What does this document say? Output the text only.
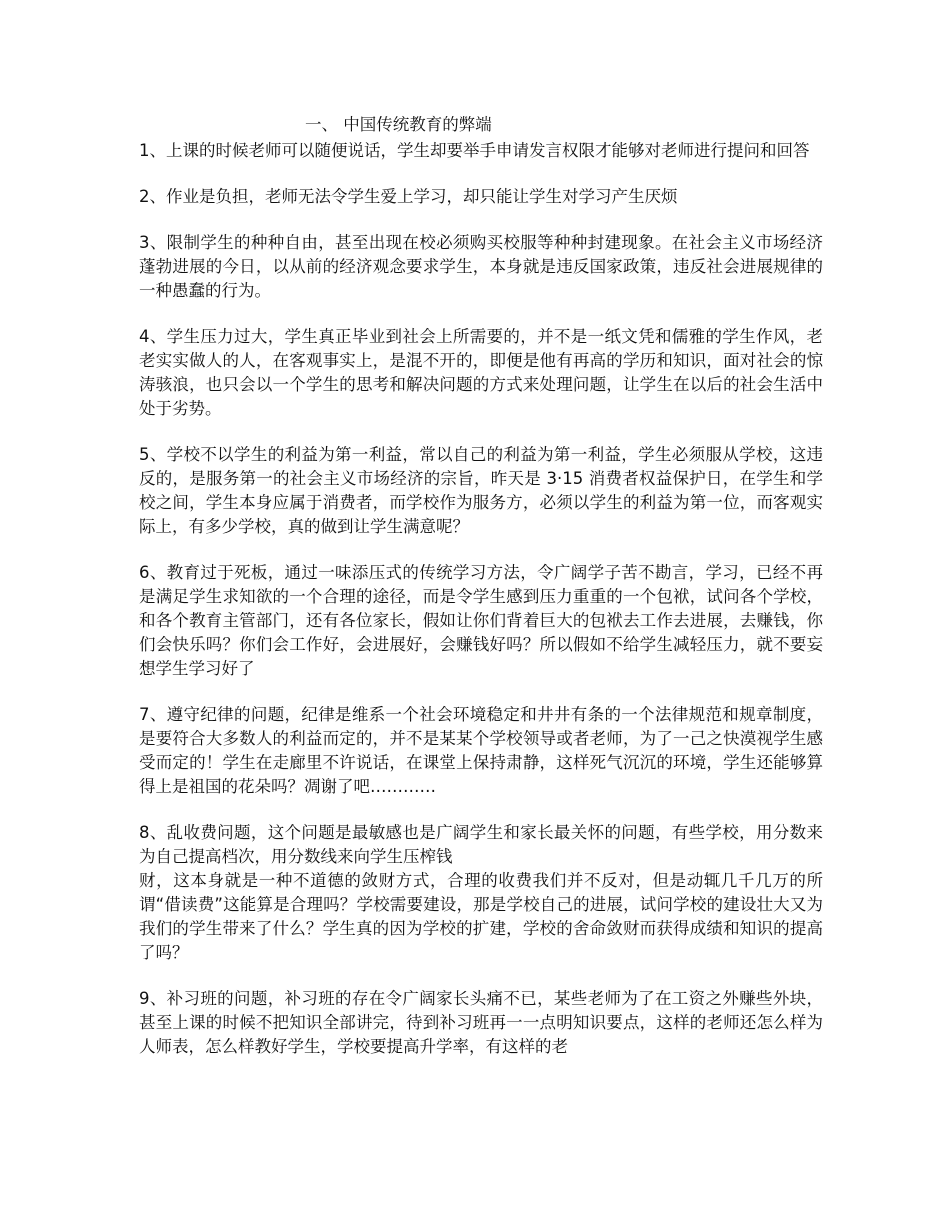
一、 中国传统教育的弊端
1、上课的时候老师可以随便说话，学生却要举手申请发言权限才能够对老师进行提问和回答
2、作业是负担，老师无法令学生爱上学习，却只能让学生对学习产生厌烦
3、限制学生的种种自由，甚至出现在校必须购买校服等种种封建现象。在社会主义市场经济蓬勃进展的今日，以从前的经济观念要求学生，本身就是违反国家政策，违反社会进展规律的一种愚蠢的行为。
4、学生压力过大，学生真正毕业到社会上所需要的，并不是一纸文凭和儒雅的学生作风，老老实实做人的人，在客观事实上，是混不开的，即便是他有再高的学历和知识，面对社会的惊涛骇浪，也只会以一个学生的思考和解决问题的方式来处理问题，让学生在以后的社会生活中处于劣势。
5、学校不以学生的利益为第一利益，常以自己的利益为第一利益，学生必须服从学校，这违反的，是服务第一的社会主义市场经济的宗旨，昨天是 3·15 消费者权益保护日，在学生和学校之间，学生本身应属于消费者，而学校作为服务方，必须以学生的利益为第一位，而客观实际上，有多少学校，真的做到让学生满意呢？
6、教育过于死板，通过一味添压式的传统学习方法，令广阔学子苦不勘言，学习，已经不再是满足学生求知欲的一个合理的途径，而是令学生感到压力重重的一个包袱，试问各个学校，和各个教育主管部门，还有各位家长，假如让你们背着巨大的包袱去工作去进展，去赚钱，你们会快乐吗？你们会工作好，会进展好，会赚钱好吗？所以假如不给学生减轻压力，就不要妄想学生学习好了
7、遵守纪律的问题，纪律是维系一个社会环境稳定和井井有条的一个法律规范和规章制度，是要符合大多数人的利益而定的，并不是某某个学校领导或者老师，为了一己之快漠视学生感受而定的！学生在走廊里不许说话，在课堂上保持肃静，这样死气沉沉的环境，学生还能够算得上是祖国的花朵吗？凋谢了吧…………
8、乱收费问题，这个问题是最敏感也是广阔学生和家长最关怀的问题，有些学校，用分数来为自己提高档次，用分数线来向学生压榨钱
财，这本身就是一种不道德的敛财方式，合理的收费我们并不反对，但是动辄几千几万的所谓“借读费”这能算是合理吗？学校需要建设，那是学校自己的进展，试问学校的建设壮大又为我们的学生带来了什么？学生真的因为学校的扩建，学校的舍命敛财而获得成绩和知识的提高了吗？
9、补习班的问题，补习班的存在令广阔家长头痛不已，某些老师为了在工资之外赚些外块，甚至上课的时候不把知识全部讲完，待到补习班再一一点明知识要点，这样的老师还怎么样为人师表，怎么样教好学生，学校要提高升学率，有这样的老
